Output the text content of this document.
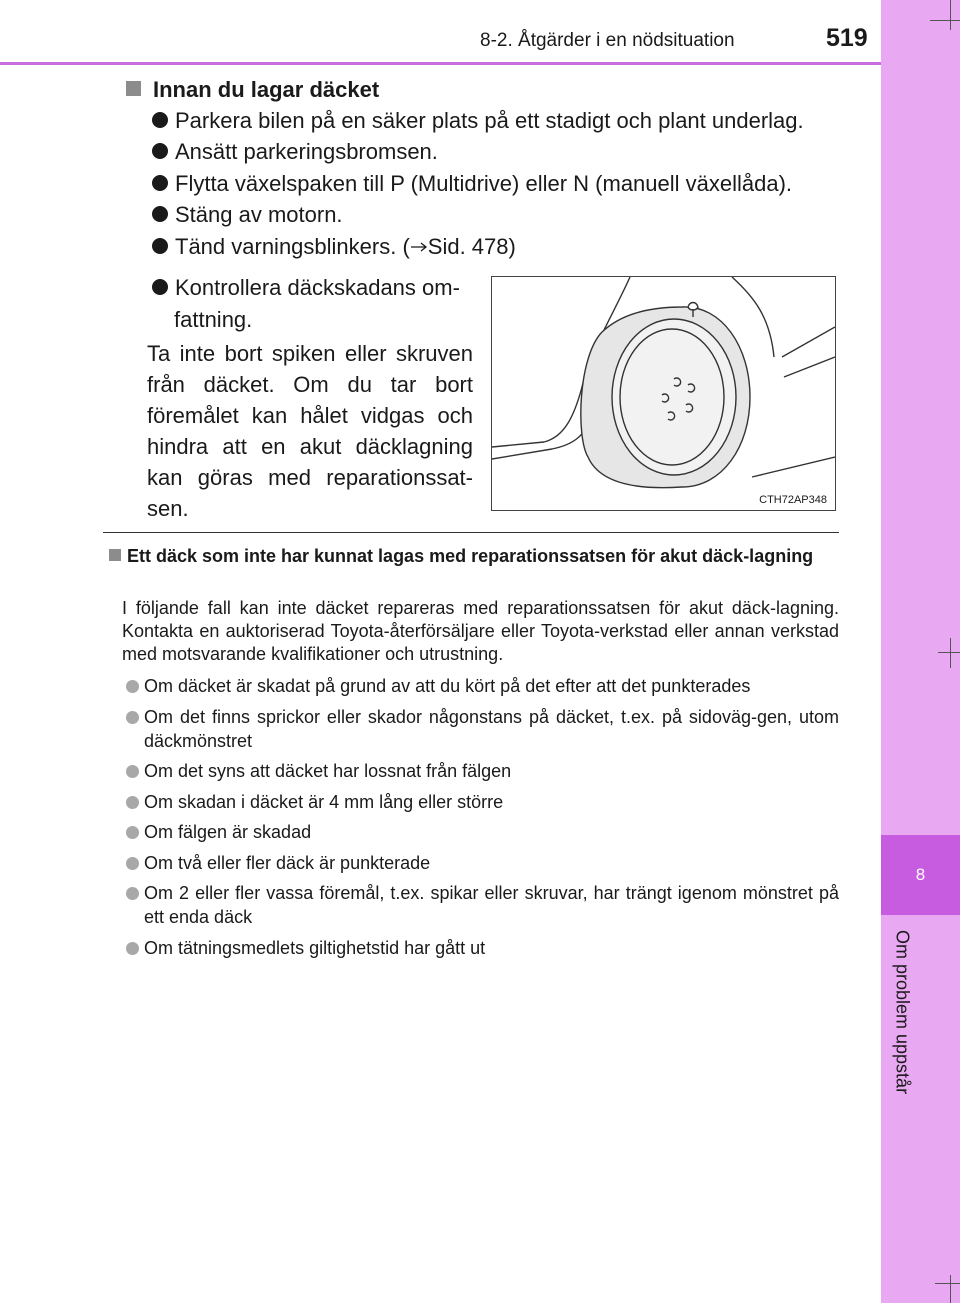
8
Om problem uppstår
8-2. Åtgärder i en nödsituation	519
Innan du lagar däcket
Parkera bilen på en säker plats på ett stadigt och plant underlag.
Ansätt parkeringsbromsen.
Flytta växelspaken till P (Multidrive) eller N (manuell växellåda).
Stäng av motorn.
Tänd varningsblinkers. ( Sid. 478)
Kontrollera däckskadans om-
fattning.
Ta inte bort spiken eller skruven från däcket. Om du tar bort föremålet kan hålet vidgas och hindra att en akut däcklagning kan göras med reparationssat-sen.	CTH72AP348
Ett däck som inte har kunnat lagas med reparationssatsen för akut däck-lagning
I följande fall kan inte däcket repareras med reparationssatsen för akut däck-lagning. Kontakta en auktoriserad Toyota-återförsäljare eller Toyota-verkstad eller annan verkstad med motsvarande kvalifikationer och utrustning.
Om däcket är skadat på grund av att du kört på det efter att det punkterades
Om det finns sprickor eller skador någonstans på däcket, t.ex. på sidoväg-gen, utom däckmönstret
Om det syns att däcket har lossnat från fälgen
Om skadan i däcket är 4 mm lång eller större
Om fälgen är skadad
Om två eller fler däck är punkterade
Om 2 eller fler vassa föremål, t.ex. spikar eller skruvar, har trängt igenom mönstret på ett enda däck
Om tätningsmedlets giltighetstid har gått ut
